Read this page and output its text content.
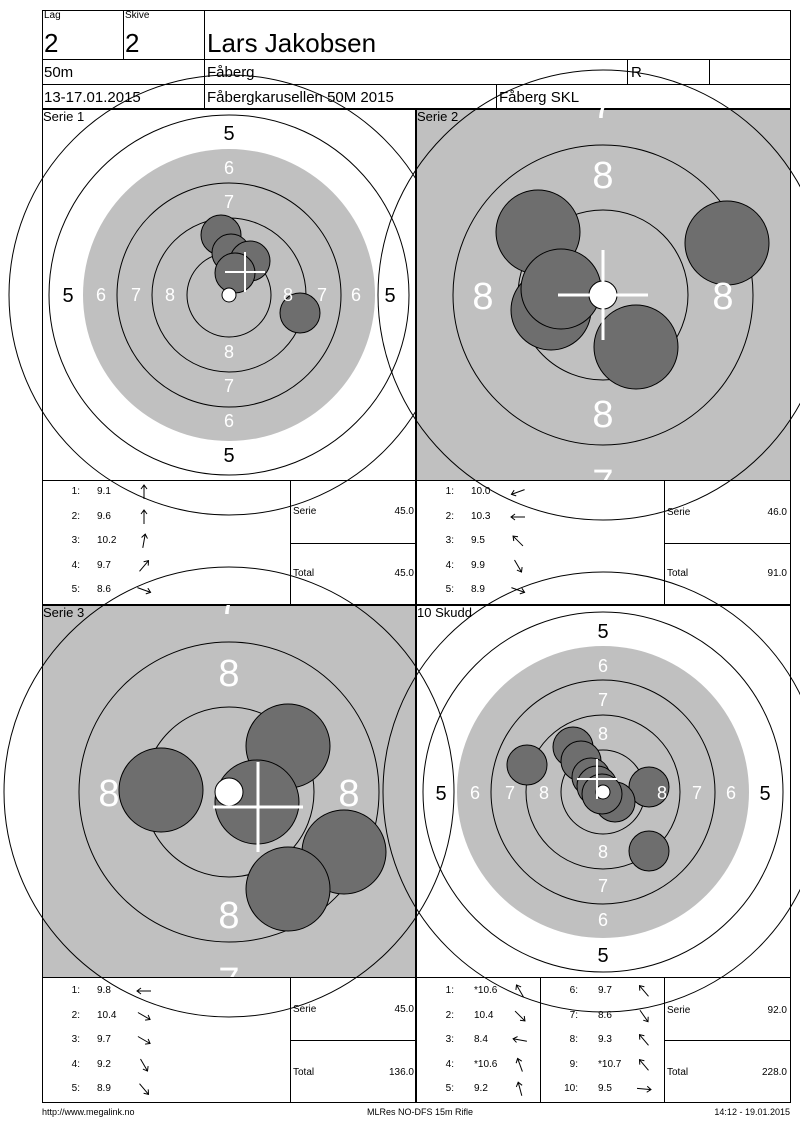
Lag
2
Skive
2	Lars Jakobsen
50m	Fåberg	R
13-17.01.2015	Fåbergkarusellen 50M 2015	Fåberg SKL
5
6
7
8
7
6
5
5 6 7 8	8 7 6 5
Serie 1
8
8
8	8
7
7
Serie 2
8
8
8	8
7
7
Serie 3
5
6
7
8
8
7
6
5
5 6 7 8	8 7 6 5
10 Skudd
1: 9.1
2: 9.6
3: 10.2
4: 9.7
5: 8.6
Serie	45.0
Total	45.0
1: 10.0
2: 10.3
3: 9.5
4: 9.9
5: 8.9
Serie	46.0
Total	91.0
1: 9.8
2: 10.4
3: 9.7
4: 9.2
5: 8.9
Serie	45.0
Total	136.0
1: *10.6
2: 10.4
3: 8.4
4: *10.6
5: 9.2
6: 9.7
7: 8.6
8: 9.3
9: *10.7
10: 9.5
Serie	92.0
Total	228.0
http://www.megalink.no	MLRes NO-DFS 15m Rifle	14:12 - 19.01.2015
